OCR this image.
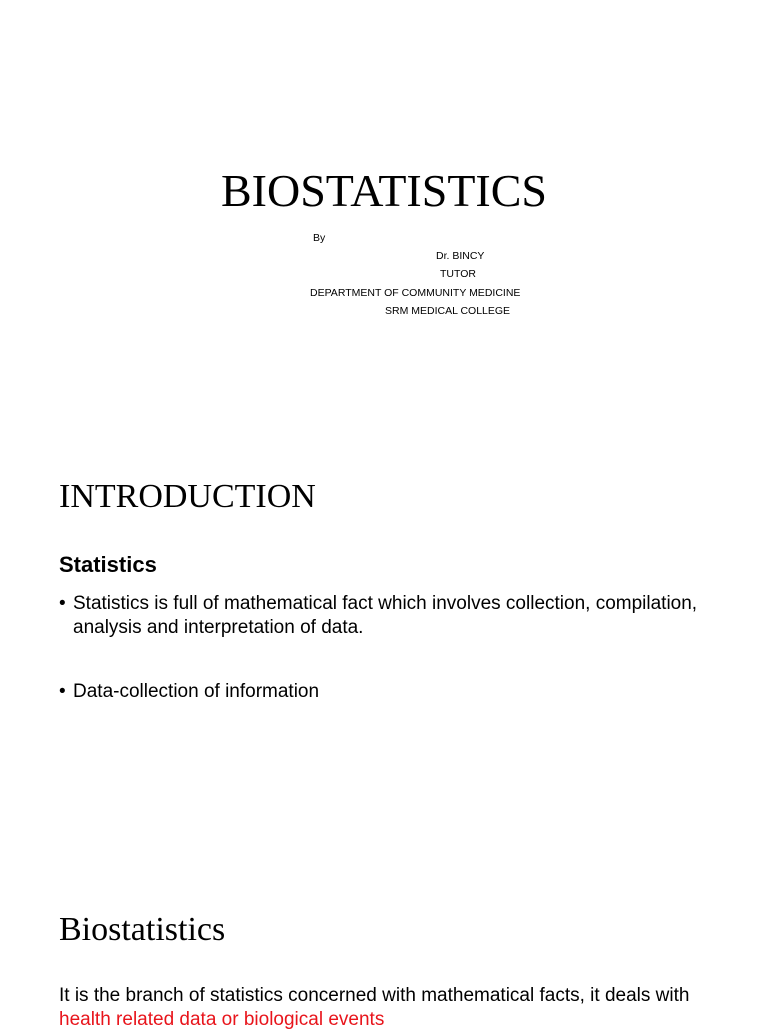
BIOSTATISTICS
By
Dr. BINCY
TUTOR
DEPARTMENT OF COMMUNITY MEDICINE
SRM MEDICAL COLLEGE
INTRODUCTION
Statistics
• Statistics is full of mathematical fact which involves collection, compilation, analysis and interpretation of data.
• Data-collection of information
Biostatistics

It is the branch of statistics concerned with mathematical facts, it deals with health related data or biological events
